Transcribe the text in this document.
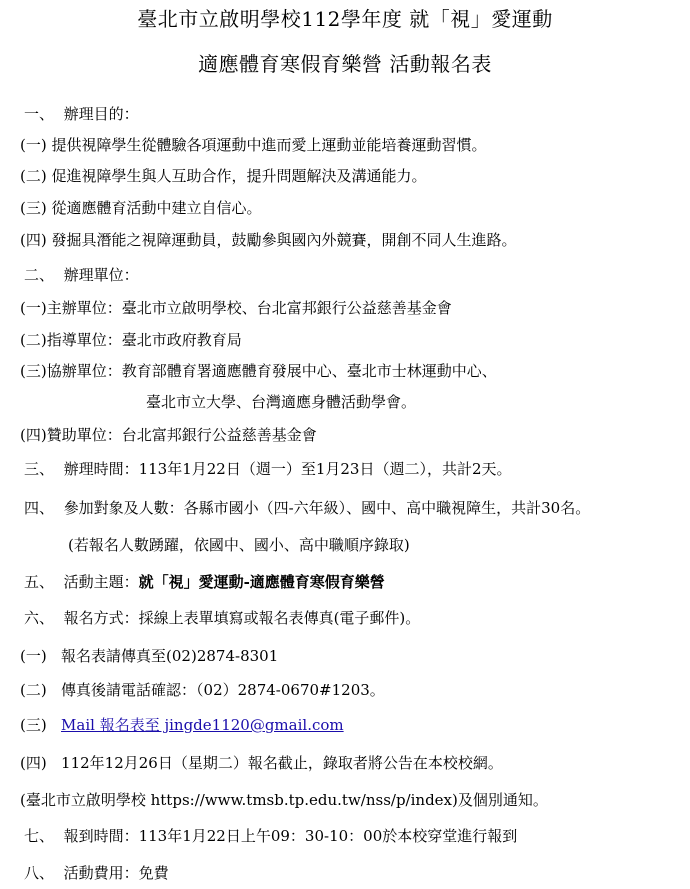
臺北市立啟明學校112學年度 就「視」愛運動
適應體育寒假育樂營 活動報名表
一、 辦理目的：
(一) 提供視障學生從體驗各項運動中進而愛上運動並能培養運動習慣。
(二) 促進視障學生與人互助合作，提升問題解決及溝通能力。
(三) 從適應體育活動中建立自信心。
(四) 發掘具潛能之視障運動員，鼓勵參與國內外競賽，開創不同人生進路。
二、 辦理單位：
(一)主辦單位：臺北市立啟明學校、台北富邦銀行公益慈善基金會
(二)指導單位：臺北市政府教育局
(三)協辦單位：教育部體育署適應體育發展中心、臺北市士林運動中心、
臺北市立大學、台灣適應身體活動學會。
(四)贊助單位：台北富邦銀行公益慈善基金會
三、 辦理時間：113年1月22日（週一）至1月23日（週二），共計2天。
四、 參加對象及人數：各縣市國小（四-六年級）、國中、高中職視障生，共計30名。
(若報名人數踴躍，依國中、國小、高中職順序錄取)
五、 活動主題：就「視」愛運動-適應體育寒假育樂營
六、 報名方式：採線上表單填寫或報名表傳真(電子郵件)。
(一) 報名表請傳真至(02)2874-8301
(二) 傳真後請電話確認：（02）2874-0670#1203。
(三) Mail 報名表至 jingde1120@gmail.com
(四) 112年12月26日（星期二）報名截止，錄取者將公告在本校校網。
(臺北市立啟明學校 https://www.tmsb.tp.edu.tw/nss/p/index)及個別通知。
七、 報到時間：113年1月22日上午09：30-10：00於本校穿堂進行報到
八、 活動費用：免費
